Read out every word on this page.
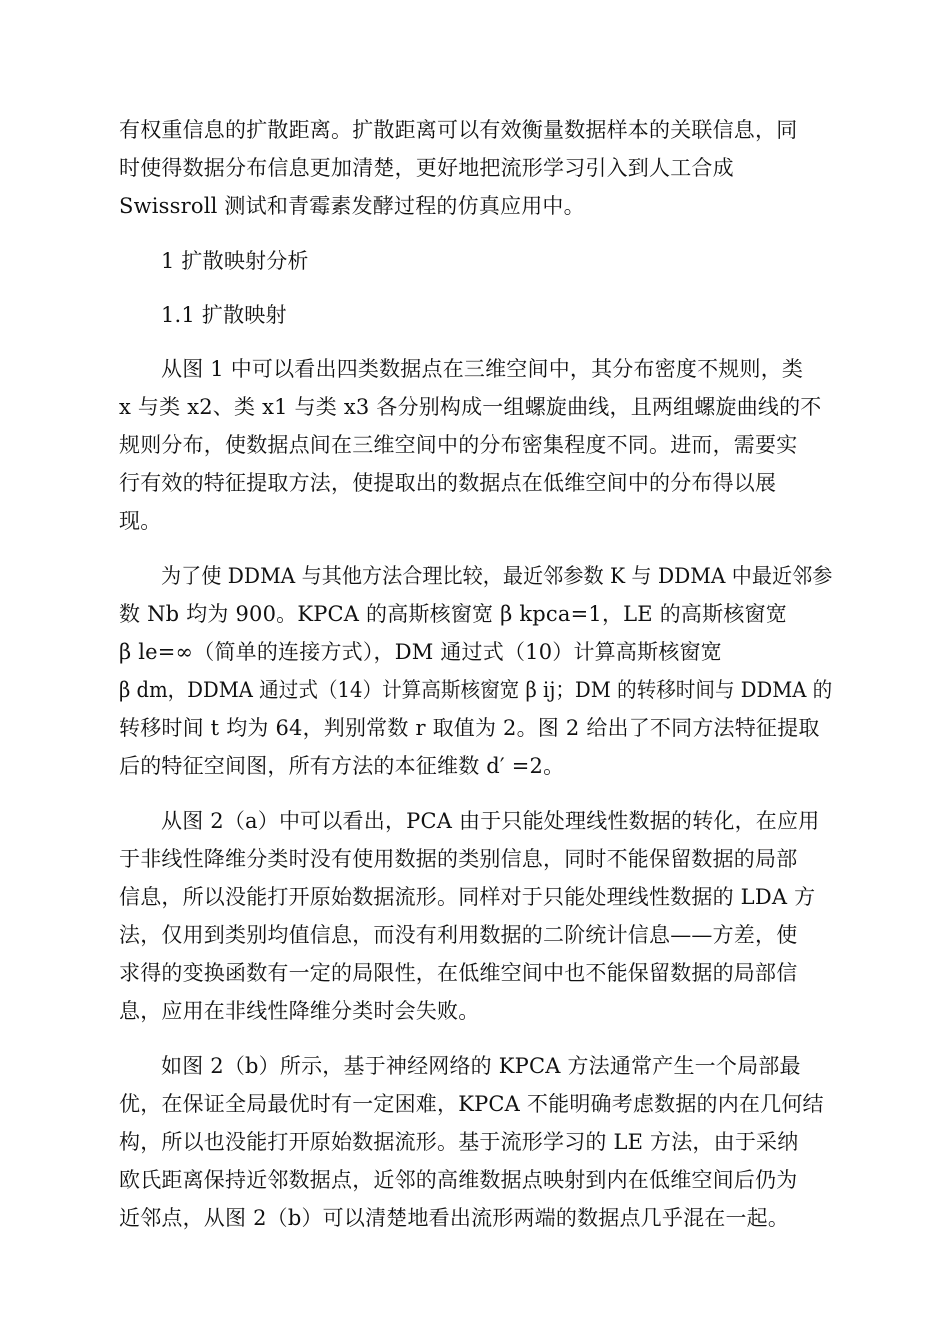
有权重信息的扩散距离。扩散距离可以有效衡量数据样本的关联信息，同
时使得数据分布信息更加清楚，更好地把流形学习引入到人工合成
Swissroll 测试和青霉素发酵过程的仿真应用中。
1 扩散映射分析
1.1 扩散映射
从图 1 中可以看出四类数据点在三维空间中，其分布密度不规则，类
x 与类 x2、类 x1 与类 x3 各分别构成一组螺旋曲线，且两组螺旋曲线的不
规则分布，使数据点间在三维空间中的分布密集程度不同。进而，需要实
行有效的特征提取方法，使提取出的数据点在低维空间中的分布得以展
现。
为了使 DDMA 与其他方法合理比较，最近邻参数 K 与 DDMA 中最近邻参
数 Nb 均为 900。KPCA 的高斯核窗宽 β kpca=1，LE 的高斯核窗宽
β le=∞（简单的连接方式），DM 通过式（10）计算高斯核窗宽
β dm，DDMA 通过式（14）计算高斯核窗宽 β ij；DM 的转移时间与 DDMA 的
转移时间 t 均为 64，判别常数 r 取值为 2。图 2 给出了不同方法特征提取
后的特征空间图，所有方法的本征维数 d′ =2。
从图 2（a）中可以看出，PCA 由于只能处理线性数据的转化，在应用
于非线性降维分类时没有使用数据的类别信息，同时不能保留数据的局部
信息，所以没能打开原始数据流形。同样对于只能处理线性数据的 LDA 方
法，仅用到类别均值信息，而没有利用数据的二阶统计信息——方差，使
求得的变换函数有一定的局限性，在低维空间中也不能保留数据的局部信
息，应用在非线性降维分类时会失败。
如图 2（b）所示，基于神经网络的 KPCA 方法通常产生一个局部最
优，在保证全局最优时有一定困难，KPCA 不能明确考虑数据的内在几何结
构，所以也没能打开原始数据流形。基于流形学习的 LE 方法，由于采纳
欧氏距离保持近邻数据点，近邻的高维数据点映射到内在低维空间后仍为
近邻点，从图 2（b）可以清楚地看出流形两端的数据点几乎混在一起。
